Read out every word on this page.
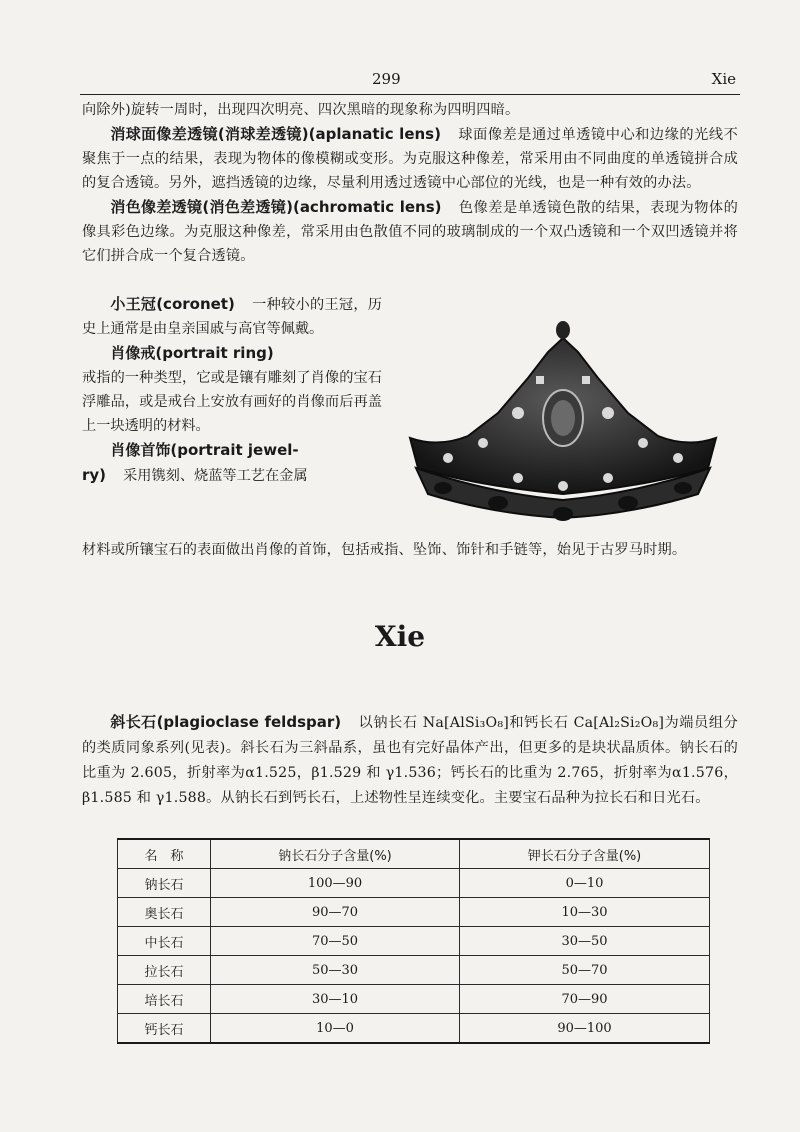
299	Xie

向除外)旋转一周时，出现四次明亮、四次黑暗的现象称为四明四暗。

消球面像差透镜(消球差透镜)(aplanatic lens) 球面像差是通过单透镜中心和边缘的光线不聚焦于一点的结果，表现为物体的像模糊或变形。为克服这种像差，常采用由不同曲度的单透镜拼合成的复合透镜。另外，遮挡透镜的边缘，尽量利用透过透镜中心部位的光线，也是一种有效的办法。

消色像差透镜(消色差透镜)(achromatic lens) 色像差是单透镜色散的结果，表现为物体的像具彩色边缘。为克服这种像差，常采用由色散值不同的玻璃制成的一个双凸透镜和一个双凹透镜并将它们拼合成一个复合透镜。

小王冠(coronet) 一种较小的王冠，历史上通常是由皇亲国戚与高官等佩戴。

肖像戒(portrait ring)
戒指的一种类型，它或是镶有雕刻了肖像的宝石浮雕品，或是戒台上安放有画好的肖像而后再盖上一块透明的材料。

肖像首饰(portrait jewel-

ry) 采用镌刻、烧蓝等工艺在金属

材料或所镶宝石的表面做出肖像的首饰，包括戒指、坠饰、饰针和手链等，始见于古罗马时期。

Xie

斜长石(plagioclase feldspar) 以钠长石 Na[AlSi₃O₈]和钙长石 Ca[Al₂Si₂O₈]为端员组分的类质同象系列(见表)。斜长石为三斜晶系，虽也有完好晶体产出，但更多的是块状晶质体。钠长石的比重为 2.605，折射率为α1.525，β1.529 和 γ1.536；钙长石的比重为 2.765，折射率为α1.576，β1.585 和 γ1.588。从钠长石到钙长石，上述物性呈连续变化。主要宝石品种为拉长石和日光石。

名　称	钠长石分子含量(%)	钾长石分子含量(%)
钠长石	100—90	0—10
奥长石	90—70	10—30
中长石	70—50	30—50
拉长石	50—30	50—70
培长石	30—10	70—90
钙长石	10—0	90—100
